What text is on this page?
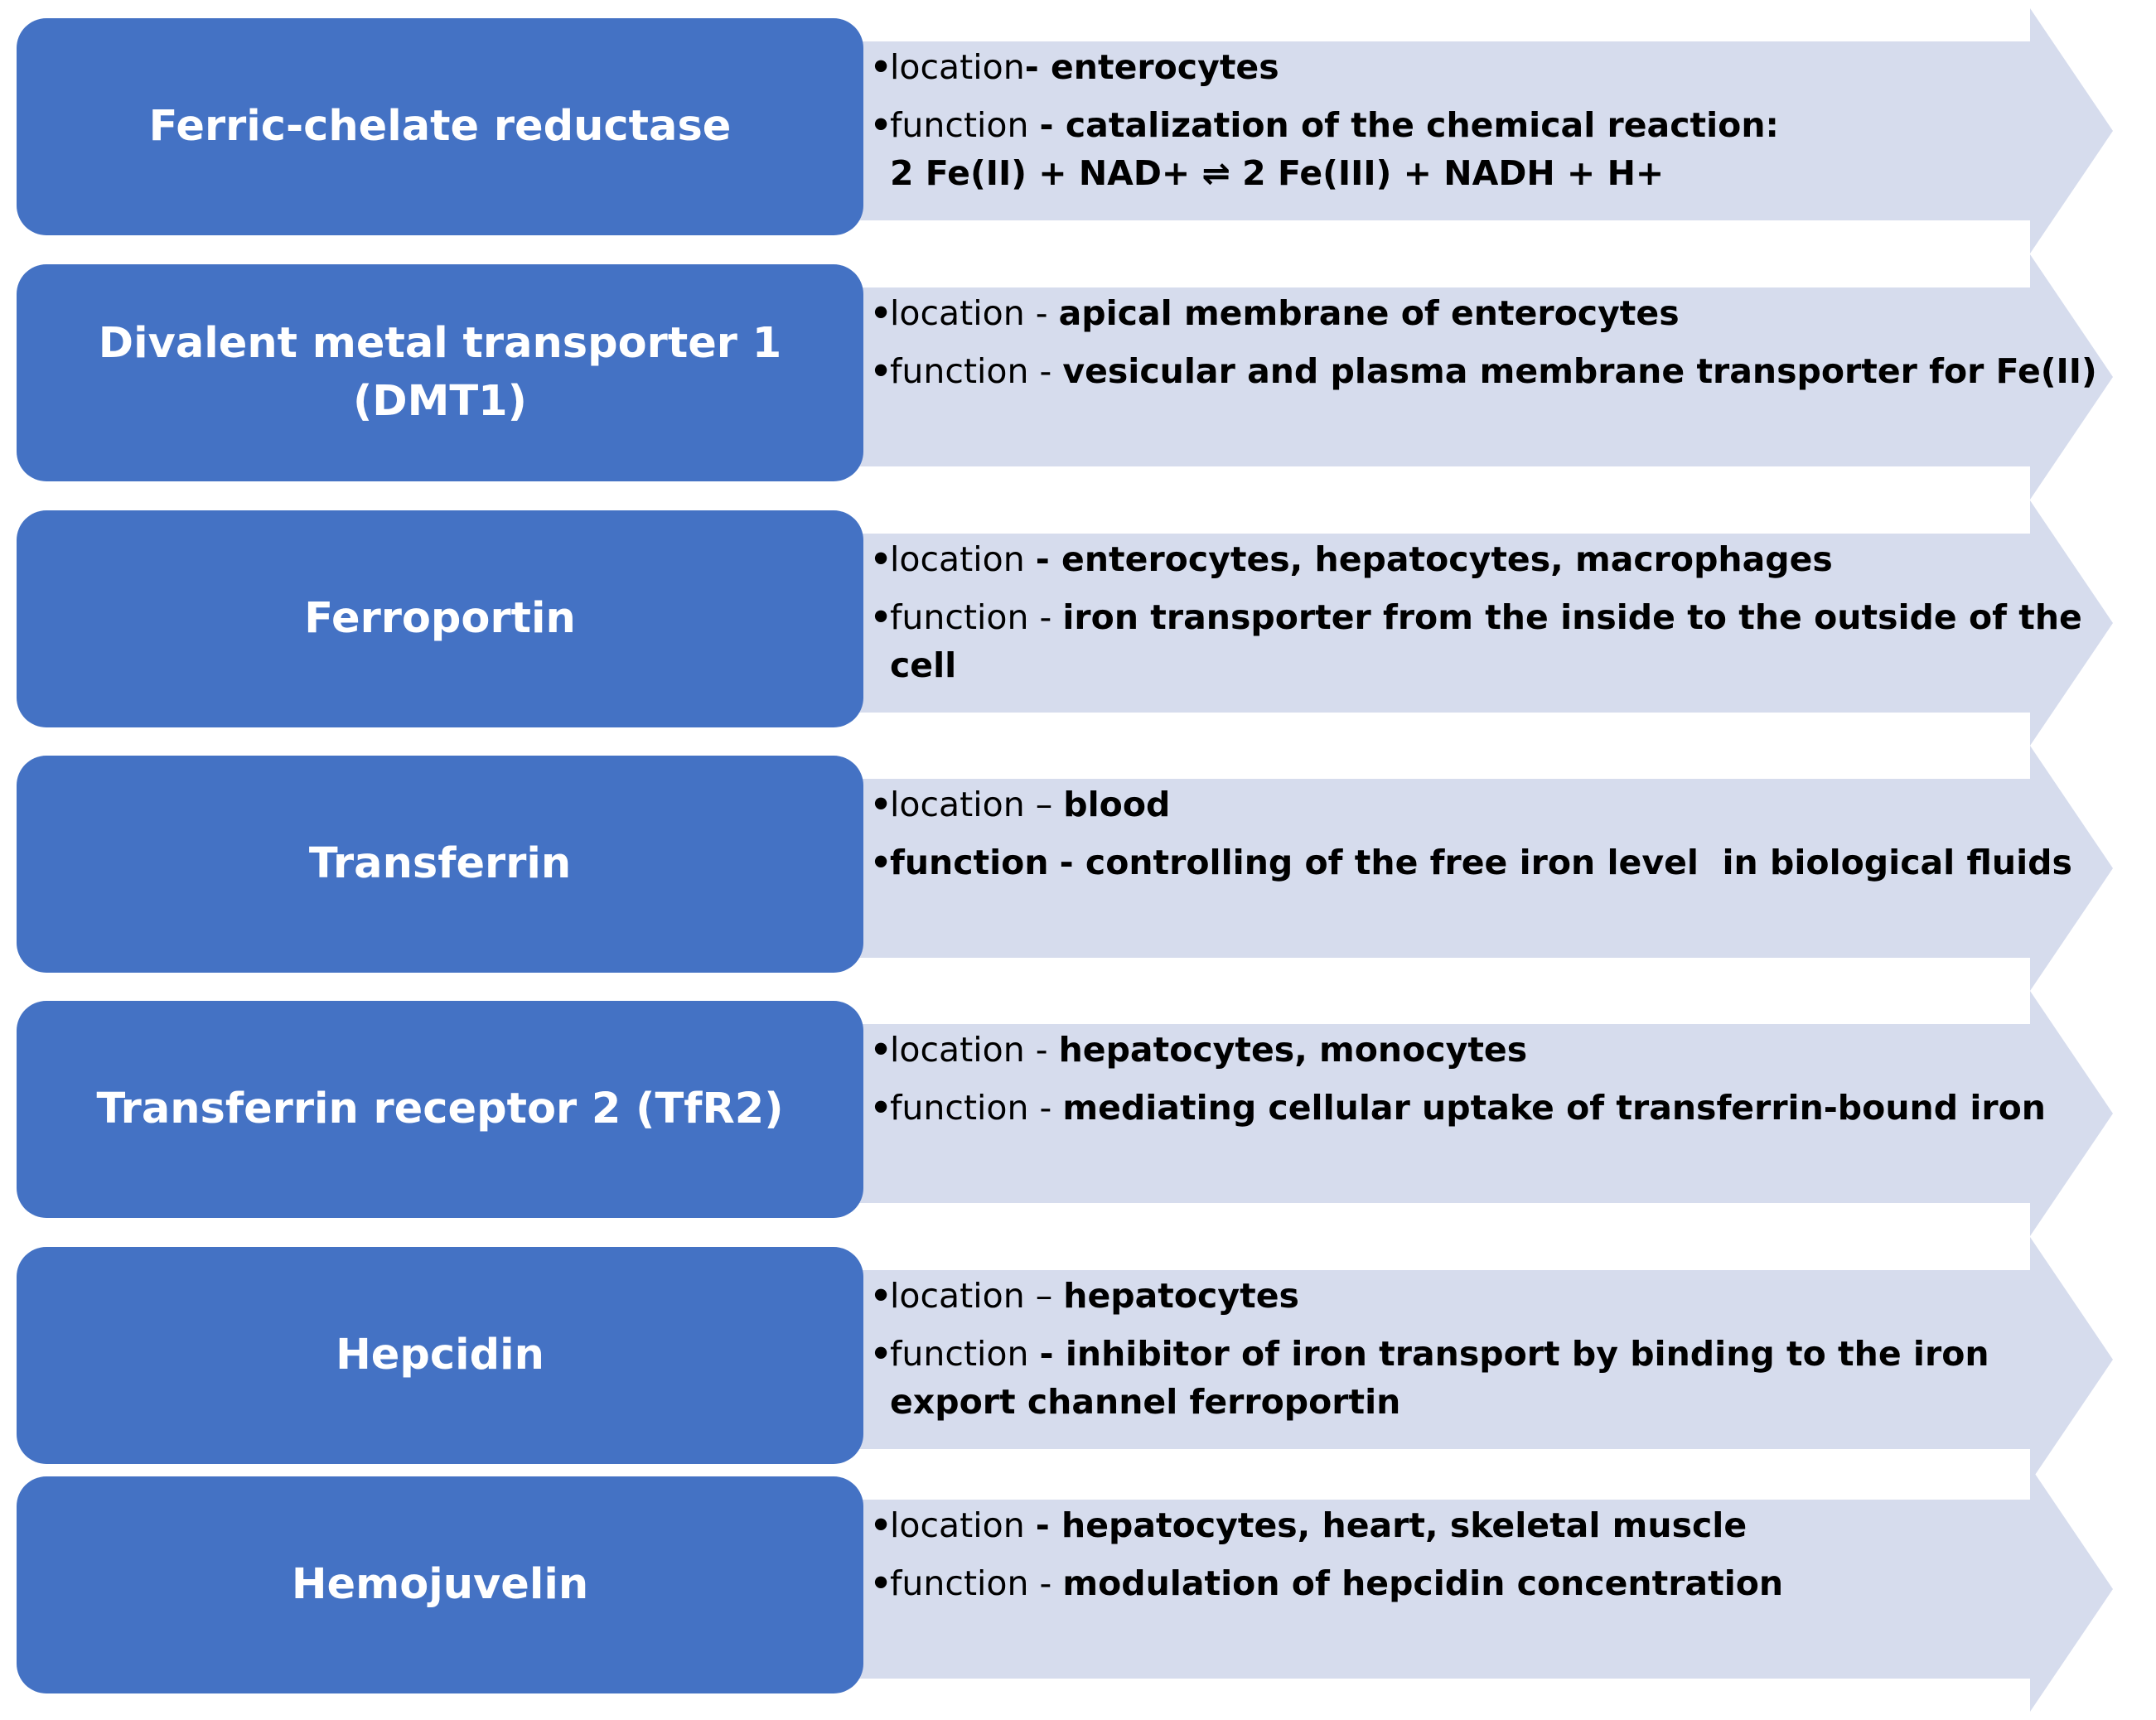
Ferric-chelate reductase
•location- enterocytes
•function - catalization of the chemical reaction:
2 Fe(II) + NAD+ ⇌ 2 Fe(III) + NADH + H+
Divalent metal transporter 1
(DMT1)
•location - apical membrane of enterocytes
•function - vesicular and plasma membrane transporter for Fe(II)
Ferroportin
•location - enterocytes, hepatocytes, macrophages
•function - iron transporter from the inside to the outside of the
cell
Transferrin
•location – blood
•function - controlling of the free iron level  in biological fluids
Transferrin receptor 2 (TfR2)
•location - hepatocytes, monocytes
•function - mediating cellular uptake of transferrin-bound iron
Hepcidin
•location – hepatocytes
•function - inhibitor of iron transport by binding to the iron
export channel ferroportin
Hemojuvelin
•location - hepatocytes, heart, skeletal muscle
•function - modulation of hepcidin concentration
